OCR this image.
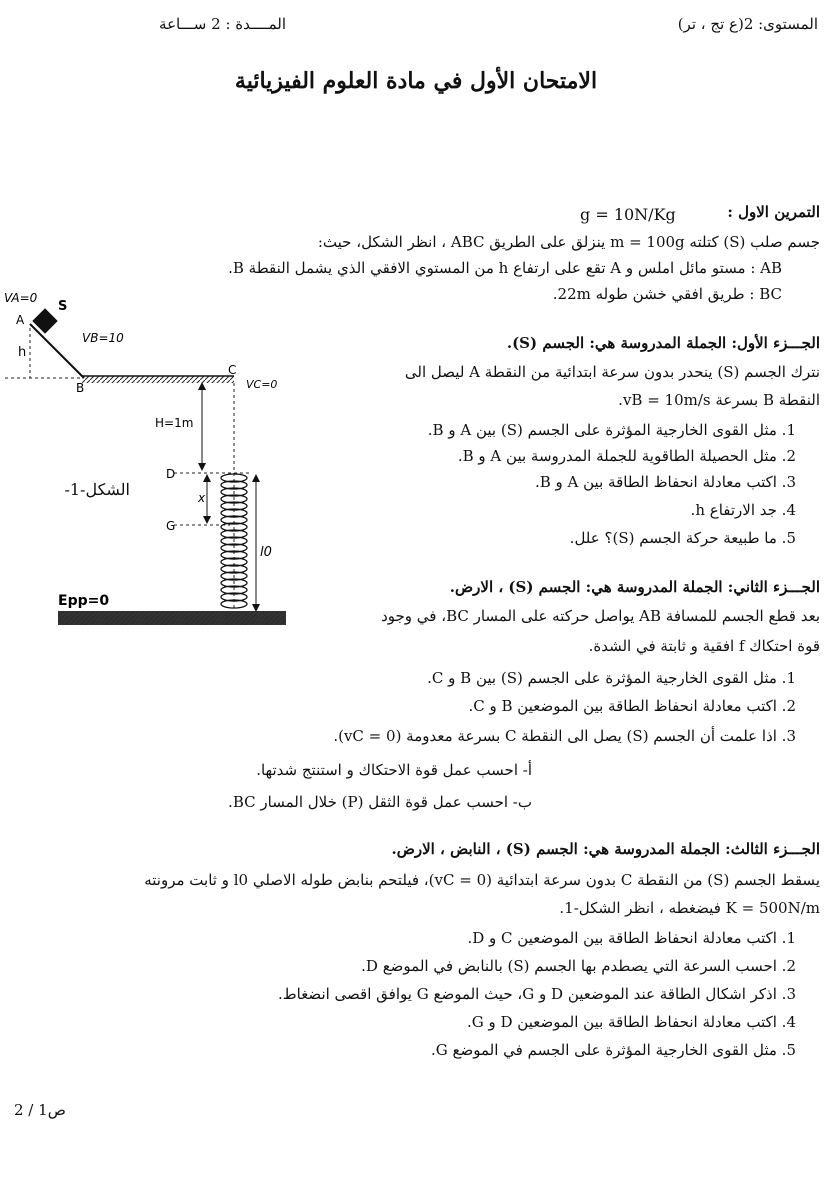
المستوى: 2(ع تج ، تر)
المــــدة : 2 ســـاعة
الامتحان الأول في مادة العلوم الفيزيائية
التمرين الاول :
g = 10N/Kg
جسم صلب (S) كتلته m = 100g ينزلق على الطريق ABC ، انظر الشكل، حيث:
AB : مستو مائل املس و A تقع على ارتفاع h من المستوي الافقي الذي يشمل النقطة B.
BC : طريق افقي خشن طوله 22m.
الجـــزء الأول: الجملة المدروسة هي: الجسم (S).
نترك الجسم (S) ينحدر بدون سرعة ابتدائية من النقطة A ليصل الى
النقطة B بسرعة vB = 10m/s.
1. مثل القوى الخارجية المؤثرة على الجسم (S) بين A و B.
2. مثل الحصيلة الطاقوية للجملة المدروسة بين A و B.
3. اكتب معادلة انحفاظ الطاقة بين A و B.
4. جد الارتفاع h.
5. ما طبيعة حركة الجسم (S)؟ علل.
الجـــزء الثاني: الجملة المدروسة هي: الجسم (S) ، الارض.
بعد قطع الجسم للمسافة AB يواصل حركته على المسار BC، في وجود
قوة احتكاك f افقية و ثابتة في الشدة.
1. مثل القوى الخارجية المؤثرة على الجسم (S) بين B و C.
2. اكتب معادلة انحفاظ الطاقة بين الموضعين B و C.
3. اذا علمت أن الجسم (S) يصل الى النقطة C بسرعة معدومة (vC = 0).
أ- احسب عمل قوة الاحتكاك و استنتج شدتها.
ب- احسب عمل قوة الثقل (P) خلال المسار BC.
الجـــزء الثالث: الجملة المدروسة هي: الجسم (S) ، النابض ، الارض.
يسقط الجسم (S) من النقطة C بدون سرعة ابتدائية (vC = 0)، فيلتحم بنابض طوله الاصلي l0 و ثابت مرونته
K = 500N/m فيضغطه ، انظر الشكل-1.
1. اكتب معادلة انحفاظ الطاقة بين الموضعين C و D.
2. احسب السرعة التي يصطدم بها الجسم (S) بالنابض في الموضع D.
3. اذكر اشكال الطاقة عند الموضعين D و G، حيث الموضع G يوافق اقصى انضغاط.
4. اكتب معادلة انحفاظ الطاقة بين الموضعين D و G.
5. مثل القوى الخارجية المؤثرة على الجسم في الموضع G.
2 / 1ص
VA=0
S
A
h
B
VB=10
C
VC=0
H=1m
D
G
x
l0
Epp=0
الشكل-1-
